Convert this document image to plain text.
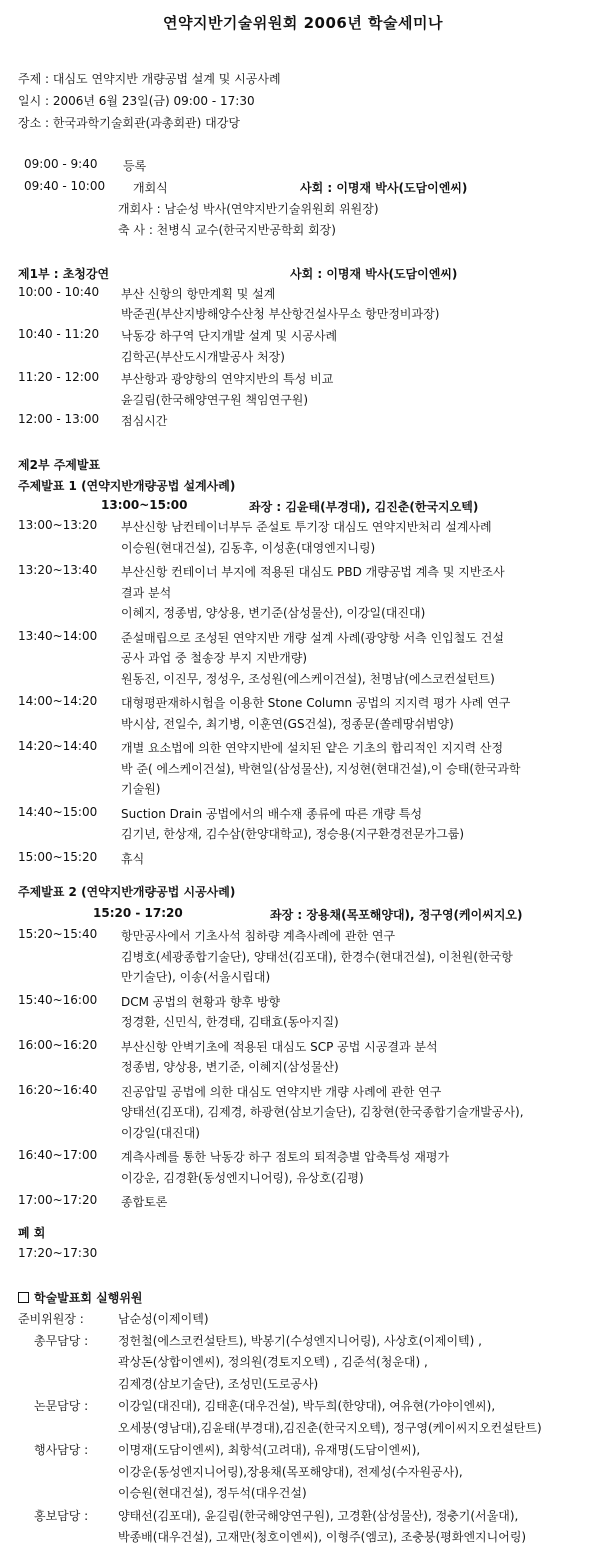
연약지반기술위원회 2006년 학술세미나
주제 : 대심도 연약지반 개량공법 설계 및 시공사례
일시 : 2006년 6월 23일(금) 09:00 - 17:30
장소 : 한국과학기술회관(과총회관) 대강당
09:00 - 9:40 등록
09:40 - 10:00 개회식	사회 : 이명재 박사(도담이엔씨)
개회사 : 남순성 박사(연약지반기술위원회 위원장)
축 사 : 천병식 교수(한국지반공학회 회장)
제1부 : 초청강연	사회 : 이명재 박사(도담이엔씨)
10:00 - 10:40 부산 신항의 항만계획 및 설계
박준권(부산지방해양수산청 부산항건설사무소 항만정비과장)
10:40 - 11:20 낙동강 하구역 단지개발 설계 및 시공사례
김학곤(부산도시개발공사 처장)
11:20 - 12:00 부산항과 광양항의 연약지반의 특성 비교
윤길림(한국해양연구원 책임연구원)
12:00 - 13:00 점심시간
제2부 주제발표
주제발표 1 (연약지반개량공법 설계사례)
13:00~15:00	좌장 : 김윤태(부경대), 김진춘(한국지오텍)
13:00~13:20 부산신항 남컨테이너부두 준설토 투기장 대심도 연약지반처리 설계사례
이승원(현대건설), 김동후, 이성훈(대영엔지니링)
13:20~13:40 부산신항 컨테이너 부지에 적용된 대심도 PBD 개량공법 계측 및 지반조사
결과 분석
이혜지, 정종범, 양상용, 변기준(삼성물산), 이강일(대진대)
13:40~14:00 준설매립으로 조성된 연약지반 개량 설계 사례(광양항 서측 인입철도 건설
공사 과업 중 철송장 부지 지반개량)
원동진, 이진무, 정성우, 조성원(에스케이건설), 천명남(에스코컨설턴트)
14:00~14:20 대형평판재하시험을 이용한 Stone Column 공법의 지지력 평가 사례 연구
박시삼, 전일수, 최기병, 이훈연(GS건설), 정종문(쏠레땅쉬범양)
14:20~14:40 개별 요소법에 의한 연약지반에 설치된 얕은 기초의 합리적인 지지력 산정
박 준( 에스케이건설), 박현일(삼성물산), 지성현(현대건설),이 승태(한국과학
기술원)
14:40~15:00 Suction Drain 공법에서의 배수재 종류에 따른 개량 특성
김기년, 한상재, 김수삼(한양대학교), 정승용(지구환경전문가그룹)
15:00~15:20 휴식
주제발표 2 (연약지반개량공법 시공사례)
15:20 - 17:20	좌장 : 장용채(목포해양대), 정구영(케이씨지오)
15:20~15:40 항만공사에서 기초사석 침하량 계측사례에 관한 연구
김병호(세광종합기술단), 양태선(김포대), 한경수(현대건설), 이천원(한국항
만기술단), 이송(서울시립대)
15:40~16:00 DCM 공법의 현황과 향후 방향
정경환, 신민식, 한경태, 김태효(동아지질)
16:00~16:20 부산신항 안벽기초에 적용된 대심도 SCP 공법 시공결과 분석
정종범, 양상용, 변기준, 이혜지(삼성물산)
16:20~16:40 진공압밀 공법에 의한 대심도 연약지반 개량 사례에 관한 연구
양태선(김포대), 김제경, 하광현(삼보기술단), 김창현(한국종합기술개발공사),
이강일(대진대)
16:40~17:00 계측사례를 통한 낙동강 하구 점토의 퇴적층별 압축특성 재평가
이강운, 김경환(동성엔지니어링), 유상호(김평)
17:00~17:20 종합토론
폐 회
17:20~17:30
학술발표회 실행위원
준비위원장 :	남순성(이제이텍)
총무담당 : 정헌철(에스코컨설탄트), 박봉기(수성엔지니어링), 사상호(이제이텍) ,
곽상돈(상합이엔씨), 정의원(경토지오텍) , 김준석(청운대) ,
김제경(삼보기술단), 조성민(도로공사)
논문담당 : 이강일(대진대), 김태훈(대우건설), 박두희(한양대), 여유현(가야이엔씨),
오세붕(영남대),김윤태(부경대),김진춘(한국지오텍), 정구영(케이씨지오컨설탄트)
행사담당 : 이명재(도담이엔씨), 최항석(고려대), 유재명(도담이엔씨),
이강운(동성엔지니어링),장용채(목포해양대), 전제성(수자원공사),
이승원(현대건설), 정두석(대우건설)
홍보담당 : 양태선(김포대), 윤길림(한국해양연구원), 고경환(삼성물산), 정충기(서울대),
박종배(대우건설), 고재만(청호이엔씨), 이형주(엠코), 조충붕(평화엔지니어링)
